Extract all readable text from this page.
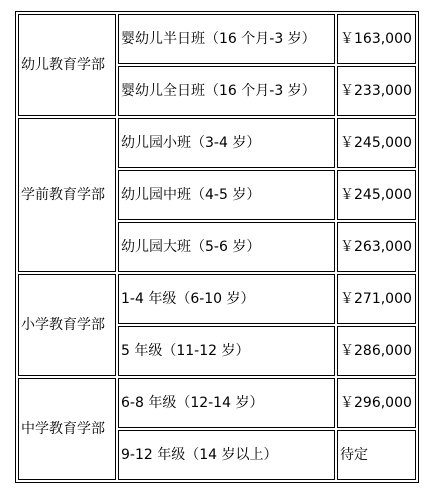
幼儿教育学部	婴幼儿半日班（16 个月-3 岁）	￥163,000
	婴幼儿全日班（16 个月-3 岁）	￥233,000
学前教育学部	幼儿园小班（3-4 岁）	￥245,000
	幼儿园中班（4-5 岁）	￥245,000
	幼儿园大班（5-6 岁）	￥263,000
小学教育学部	1-4 年级（6-10 岁）	￥271,000
	5 年级（11-12 岁）	￥286,000
中学教育学部	6-8 年级（12-14 岁）	￥296,000
	9-12 年级（14 岁以上）	待定
